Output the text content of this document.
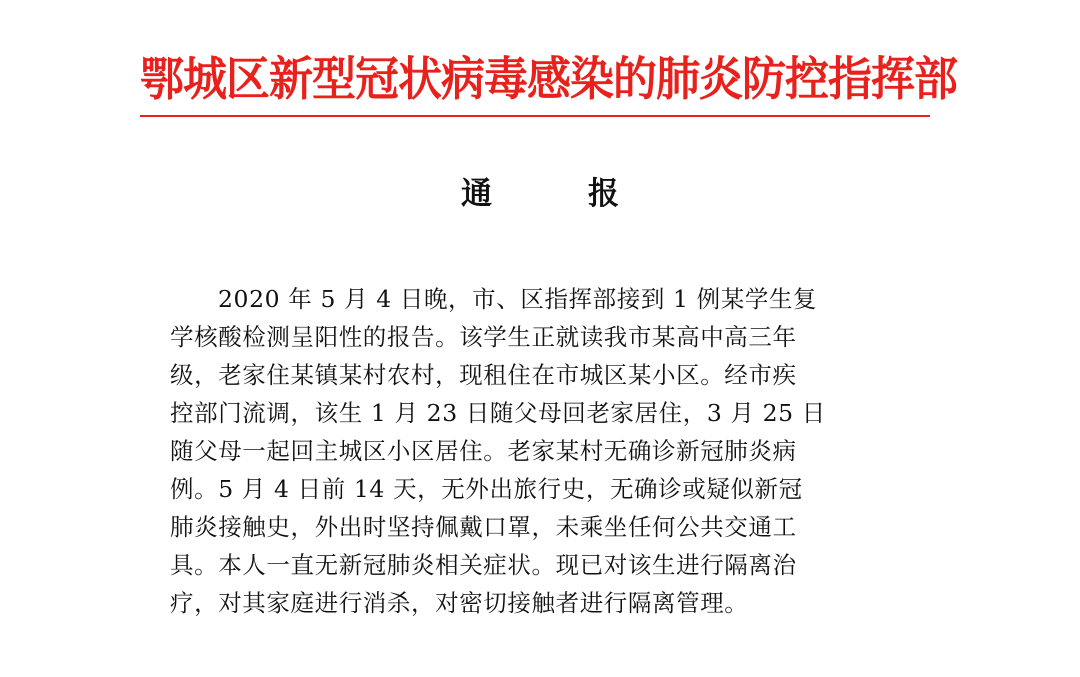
鄂城区新型冠状病毒感染的肺炎防控指挥部
通	报
2020 年 5 月 4 日晚，市、区指挥部接到 1 例某学生复
学核酸检测呈阳性的报告。该学生正就读我市某高中高三年
级，老家住某镇某村农村，现租住在市城区某小区。经市疾
控部门流调，该生 1 月 23 日随父母回老家居住，3 月 25 日
随父母一起回主城区小区居住。老家某村无确诊新冠肺炎病
例。5 月 4 日前 14 天，无外出旅行史，无确诊或疑似新冠
肺炎接触史，外出时坚持佩戴口罩，未乘坐任何公共交通工
具。本人一直无新冠肺炎相关症状。现已对该生进行隔离治
疗，对其家庭进行消杀，对密切接触者进行隔离管理。
